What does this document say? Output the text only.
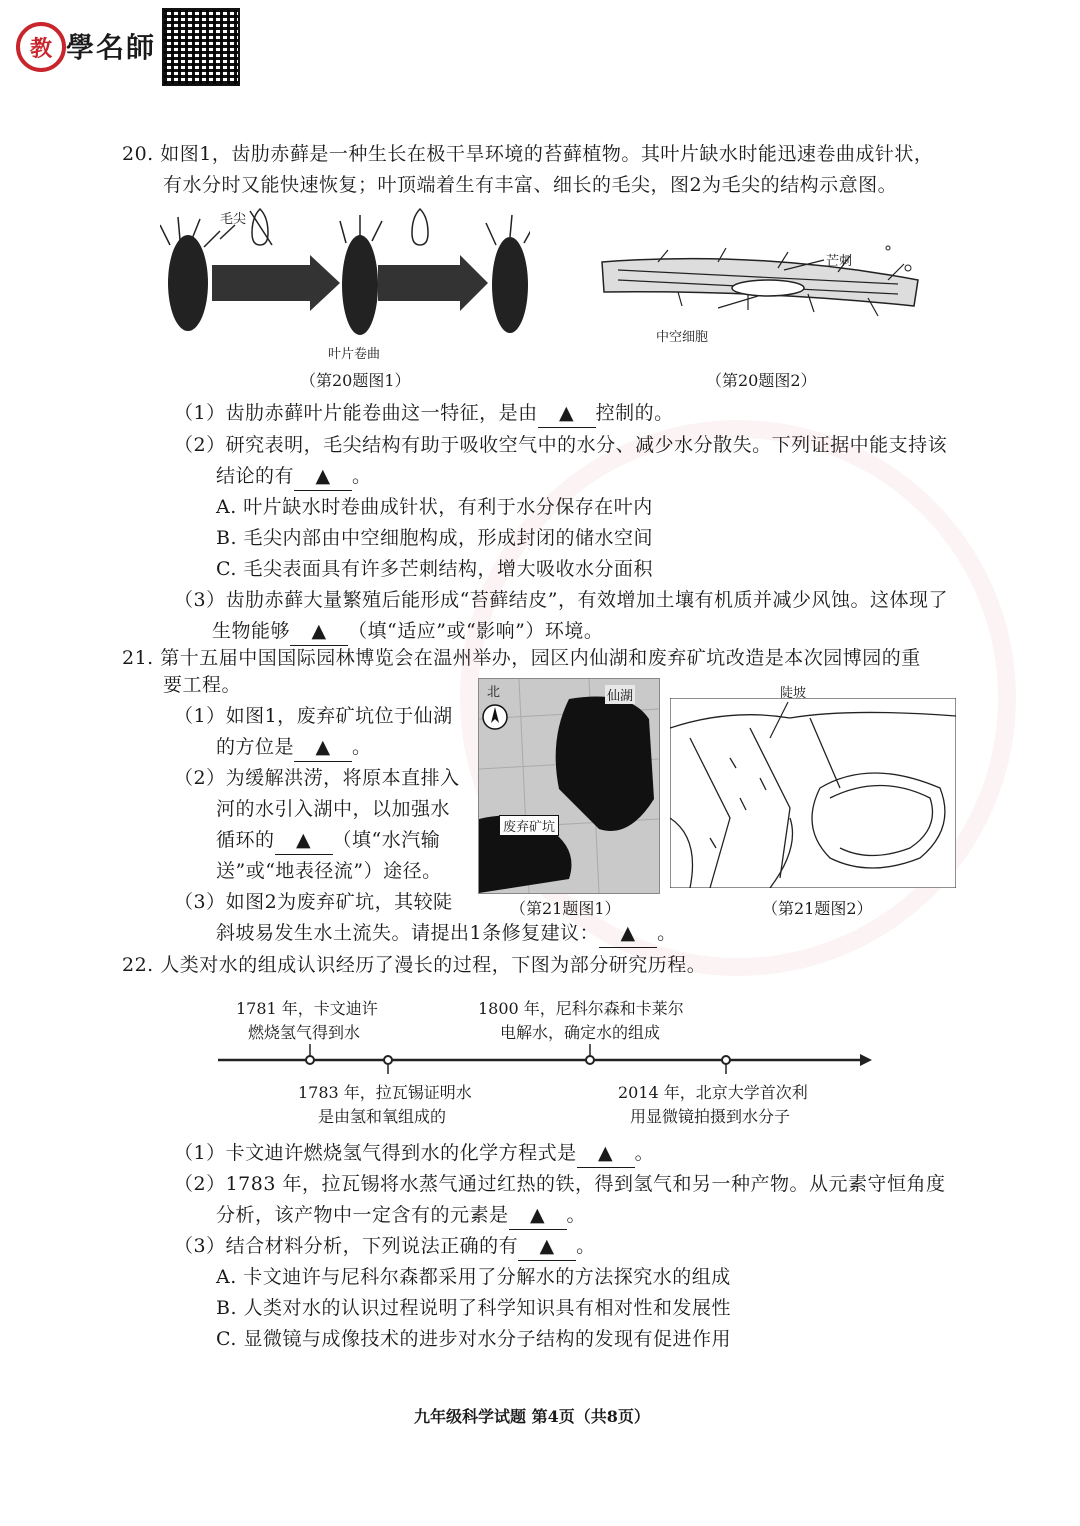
教 學名師
20. 如图1，齿肋赤藓是一种生长在极干旱环境的苔藓植物。其叶片缺水时能迅速卷曲成针状，
有水分时又能快速恢复；叶顶端着生有丰富、细长的毛尖，图2为毛尖的结构示意图。
毛尖
叶片卷曲
（第20题图1）
芒刺
中空细胞
（第20题图2）
（1）齿肋赤藓叶片能卷曲这一特征，是由 ▲ 控制的。
（2）研究表明，毛尖结构有助于吸收空气中的水分、减少水分散失。下列证据中能支持该
结论的有 ▲ 。
A. 叶片缺水时卷曲成针状，有利于水分保存在叶内
B. 毛尖内部由中空细胞构成，形成封闭的储水空间
C. 毛尖表面具有许多芒刺结构，增大吸收水分面积
（3）齿肋赤藓大量繁殖后能形成“苔藓结皮”，有效增加土壤有机质并减少风蚀。这体现了
生物能够 ▲ （填“适应”或“影响”）环境。
21. 第十五届中国国际园林博览会在温州举办，园区内仙湖和废弃矿坑改造是本次园博园的重
要工程。
（1）如图1，废弃矿坑位于仙湖
的方位是 ▲ 。
（2）为缓解洪涝，将原本直排入
河的水引入湖中，以加强水
循环的 ▲ （填“水汽输
送”或“地表径流”）途径。
（3）如图2为废弃矿坑，其较陡
斜坡易发生水土流失。请提出1条修复建议： ▲ 。
北	仙湖
废弃矿坑
（第21题图1）
陡坡
（第21题图2）
22. 人类对水的组成认识经历了漫长的过程，下图为部分研究历程。
1781 年，卡文迪许
燃烧氢气得到水
1800 年，尼科尔森和卡莱尔
电解水，确定水的组成
1783 年，拉瓦锡证明水
是由氢和氧组成的
2014 年，北京大学首次利
用显微镜拍摄到水分子
（1）卡文迪许燃烧氢气得到水的化学方程式是 ▲ 。
（2）1783 年，拉瓦锡将水蒸气通过红热的铁，得到氢气和另一种产物。从元素守恒角度
分析，该产物中一定含有的元素是 ▲ 。
（3）结合材料分析，下列说法正确的有 ▲ 。
A. 卡文迪许与尼科尔森都采用了分解水的方法探究水的组成
B. 人类对水的认识过程说明了科学知识具有相对性和发展性
C. 显微镜与成像技术的进步对水分子结构的发现有促进作用
九年级科学试题 第4页（共8页）
